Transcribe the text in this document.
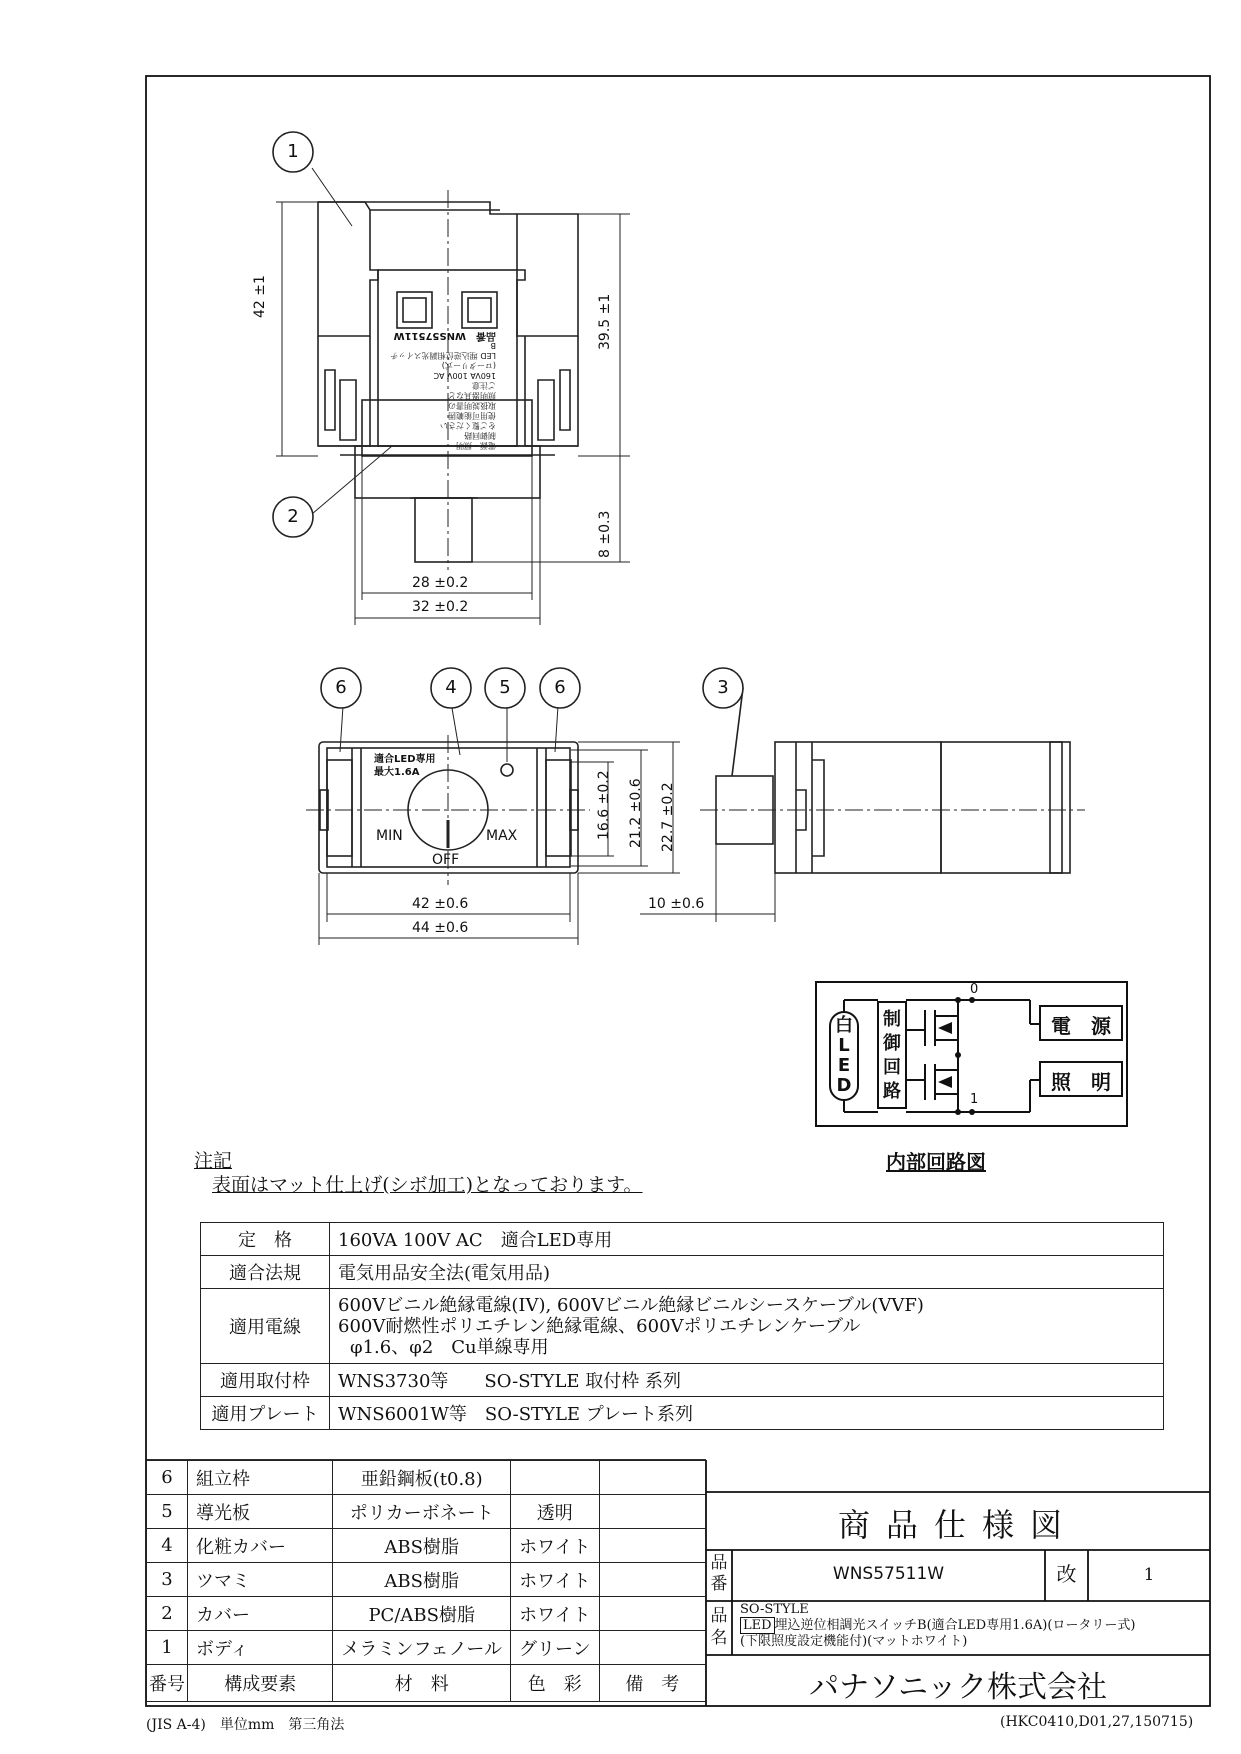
42 ±1	39.5 ±1
8 ±0.3
28 ±0.2
32 ±0.2
16.6 ±0.2 21.2 ±0.6 22.7 ±0.2
42 ±0.6
44 ±0.6
10 ±0.6
1
2
6	4 5 6	3
電源・照明
制御回路
をご覧ください
使用可能範囲
取扱説明書の
照明器具など
ご注意
160VA 100V AC
(ロータリー式)
LED 埋込逆位相調光スイッチB
品番　WNS57511W
適合LED専用
最大1.6A
MIN	MAX
OFF
白
L
E
D
制
御
回
路
電　源
照　明
0
1
内部回路図
注記
表面はマット仕上げ(シボ加工)となっております。
定　格	160VA 100V AC　適合LED専用
適合法規	電気用品安全法(電気用品)
適用電線	600Vビニル絶縁電線(IV), 600Vビニル絶縁ビニルシースケーブル(VVF)
600V耐燃性ポリエチレン絶縁電線、600Vポリエチレンケーブル
φ1.6、φ2　Cu単線専用

適用取付枠	WNS3730等　　SO-STYLE 取付枠 系列
適用プレート	WNS6001W等　SO-STYLE プレート系列
6	組立枠	亜鉛鋼板(t0.8)		
5	導光板	ポリカーボネート	透明	
4	化粧カバー	ABS樹脂	ホワイト	
3	ツマミ	ABS樹脂	ホワイト	
2	カバー	PC/ABS樹脂	ホワイト	
1	ボディ	メラミンフェノール	グリーン	
番号	構成要素	材　料	色　彩	備　考
商品仕様図
品番	WNS57511W	改	1
品名
SO-STYLE
LED 埋込逆位相調光スイッチB(適合LED専用1.6A)(ロータリー式)
(下限照度設定機能付)(マットホワイト)
パナソニック株式会社
(JIS A-4)　単位mm　第三角法	(HKC0410,D01,27,150715)
